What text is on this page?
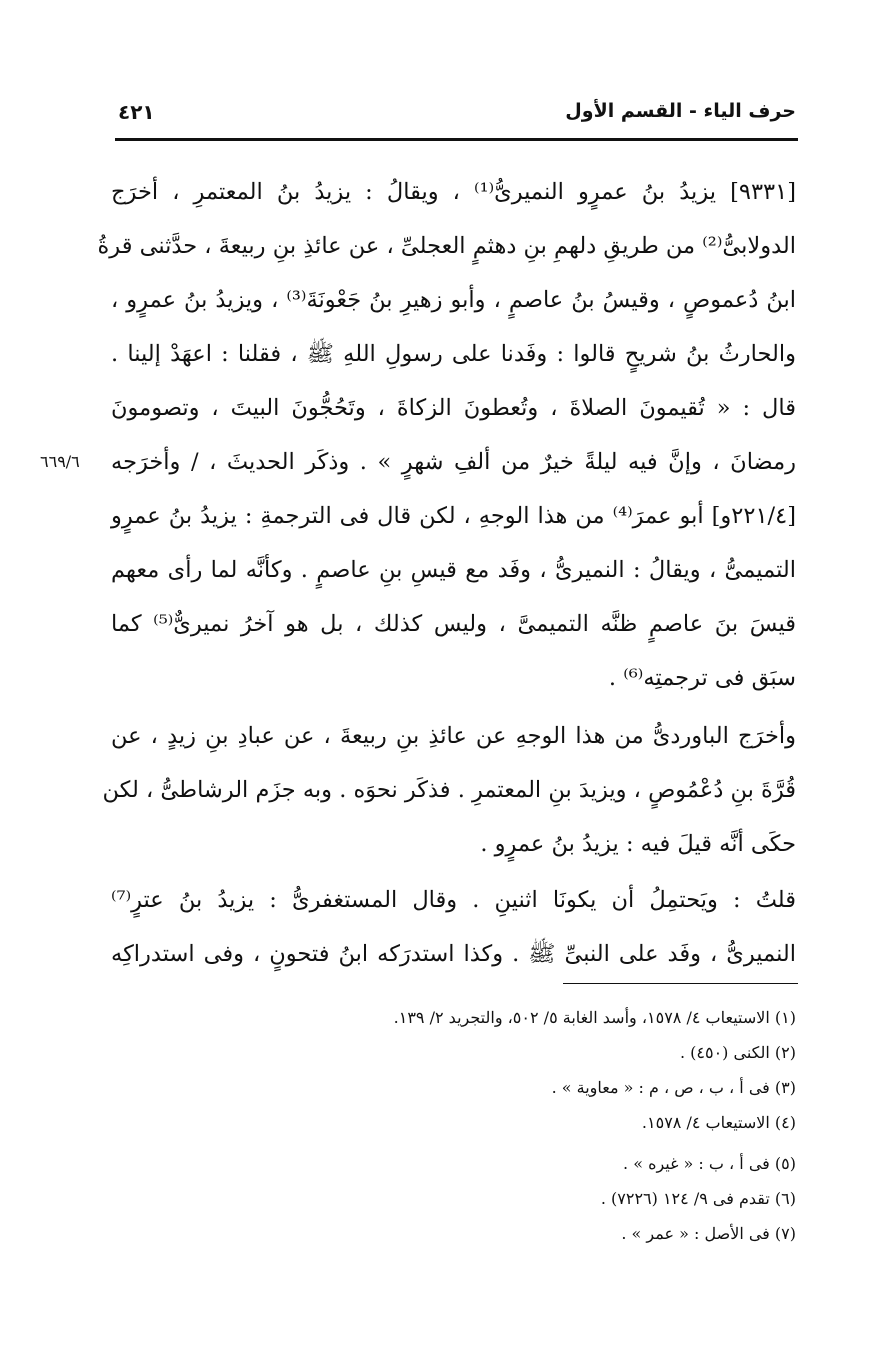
٤٢١	حرف الياء - القسم الأول
[٩٣٣١] يزيدُ بنُ عمرٍو النميرىُّ⁽¹⁾ ، ويقالُ : يزيدُ بنُ المعتمرِ ، أخرَج
الدولابىُّ⁽²⁾ من طريقِ دلهمِ بنِ دهثمٍ العجلىِّ ، عن عائذِ بنِ ربيعةَ ، حدَّثنى قرةُ
ابنُ دُعموصٍ ، وقيسُ بنُ عاصمٍ ، وأبو زهيرِ بنُ جَعْونَةَ⁽³⁾ ، ويزيدُ بنُ عمرٍو ،
والحارثُ بنُ شريحٍ قالوا : وفَدنا على رسولِ اللهِ ﷺ ، فقلنا : اعهَدْ إلينا .
قال : « تُقيمونَ الصلاةَ ، وتُعطونَ الزكاةَ ، وتَحُجُّونَ البيتَ ، وتصومونَ
رمضانَ ، وإنَّ فيه ليلةً خيرٌ من ألفِ شهرٍ » . وذكَر الحديثَ ، / وأخرَجه
٦٦٩/٦
[٢٢١/٤و] أبو عمرَ⁽⁴⁾ من هذا الوجهِ ، لكن قال فى الترجمةِ : يزيدُ بنُ عمرٍو
التميمىُّ ، ويقالُ : النميرىُّ ، وفَد مع قيسِ بنِ عاصمٍ . وكأنَّه لما رأى معهم
قيسَ بنَ عاصمٍ ظنَّه التميمىَّ ، وليس كذلك ، بل هو آخرُ نميرىٌّ⁽⁵⁾ كما
سبَق فى ترجمتِه⁽⁶⁾ .
وأخرَج الباوردىُّ من هذا الوجهِ عن عائذِ بنِ ربيعةَ ، عن عبادِ بنِ زيدٍ ، عن
قُرَّةَ بنِ دُعْمُوصٍ ، ويزيدَ بنِ المعتمرِ . فذكَر نحوَه . وبه جزَم الرشاطىُّ ، لكن
حكَى أنَّه قيلَ فيه : يزيدُ بنُ عمرٍو .
قلتُ : ويَحتمِلُ أن يكونَا اثنينِ . وقال المستغفرىُّ : يزيدُ بنُ عترٍ⁽⁷⁾
النميرىُّ ، وفَد على النبىِّ ﷺ . وكذا استدرَكه ابنُ فتحونٍ ، وفى استدراكِه
(١) الاستيعاب ٤/ ١٥٧٨، وأسد الغابة ٥/ ٥٠٢، والتجريد ٢/ ١٣٩.
(٢) الكنى (٤٥٠) .
(٣) فى أ ، ب ، ص ، م : « معاوية » .
(٤) الاستيعاب ٤/ ١٥٧٨.
(٥) فى أ ، ب : « غيره » .
(٦) تقدم فى ٩/ ١٢٤ (٧٢٢٦) .
(٧) فى الأصل : « عمر » .
